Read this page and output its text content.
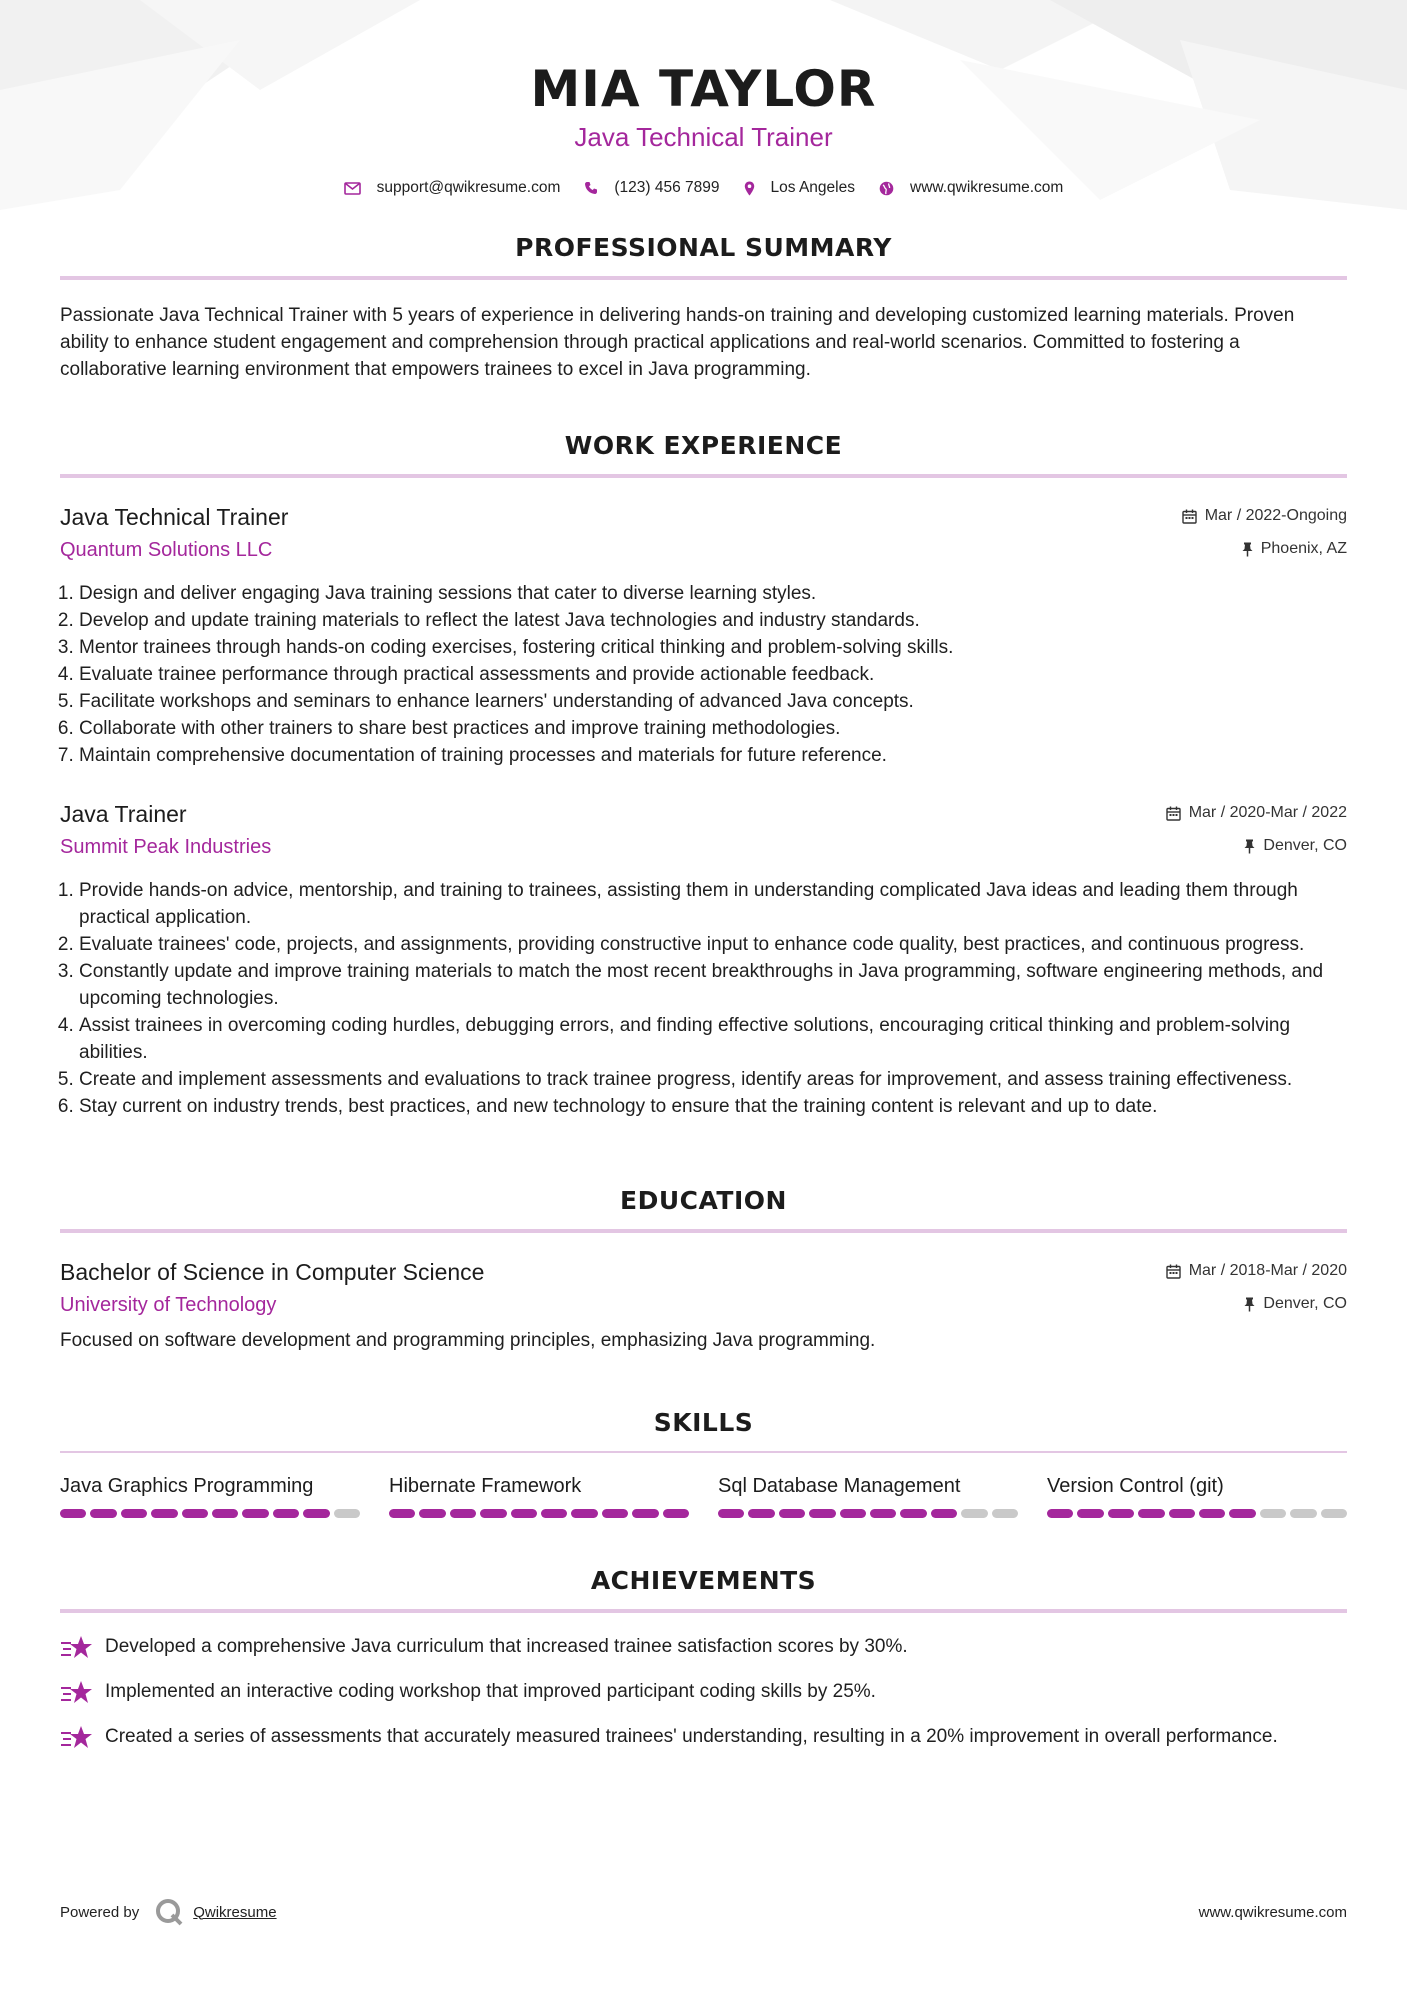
MIA TAYLOR
Java Technical Trainer
support@qwikresume.com	(123) 456 7899	Los Angeles	www.qwikresume.com
PROFESSIONAL SUMMARY
Passionate Java Technical Trainer with 5 years of experience in delivering hands-on training and developing customized learning materials. Proven ability to enhance student engagement and comprehension through practical applications and real-world scenarios. Committed to fostering a collaborative learning environment that empowers trainees to excel in Java programming.
WORK EXPERIENCE
Java Technical Trainer
Quantum Solutions LLC
Mar / 2022-Ongoing
Phoenix, AZ
1. Design and deliver engaging Java training sessions that cater to diverse learning styles.
2. Develop and update training materials to reflect the latest Java technologies and industry standards.
3. Mentor trainees through hands-on coding exercises, fostering critical thinking and problem-solving skills.
4. Evaluate trainee performance through practical assessments and provide actionable feedback.
5. Facilitate workshops and seminars to enhance learners' understanding of advanced Java concepts.
6. Collaborate with other trainers to share best practices and improve training methodologies.
7. Maintain comprehensive documentation of training processes and materials for future reference.
Java Trainer
Summit Peak Industries
Mar / 2020-Mar / 2022
Denver, CO
1. Provide hands-on advice, mentorship, and training to trainees, assisting them in understanding complicated Java ideas and leading them through practical application.
2. Evaluate trainees' code, projects, and assignments, providing constructive input to enhance code quality, best practices, and continuous progress.
3. Constantly update and improve training materials to match the most recent breakthroughs in Java programming, software engineering methods, and upcoming technologies.
4. Assist trainees in overcoming coding hurdles, debugging errors, and finding effective solutions, encouraging critical thinking and problem-solving abilities.
5. Create and implement assessments and evaluations to track trainee progress, identify areas for improvement, and assess training effectiveness.
6. Stay current on industry trends, best practices, and new technology to ensure that the training content is relevant and up to date.
EDUCATION
Bachelor of Science in Computer Science
University of Technology
Mar / 2018-Mar / 2020
Denver, CO
Focused on software development and programming principles, emphasizing Java programming.
SKILLS
Java Graphics Programming	Hibernate Framework	Sql Database Management	Version Control (git)
ACHIEVEMENTS
Developed a comprehensive Java curriculum that increased trainee satisfaction scores by 30%.
Implemented an interactive coding workshop that improved participant coding skills by 25%.
Created a series of assessments that accurately measured trainees' understanding, resulting in a 20% improvement in overall performance.
Powered by	Qwikresume	www.qwikresume.com
